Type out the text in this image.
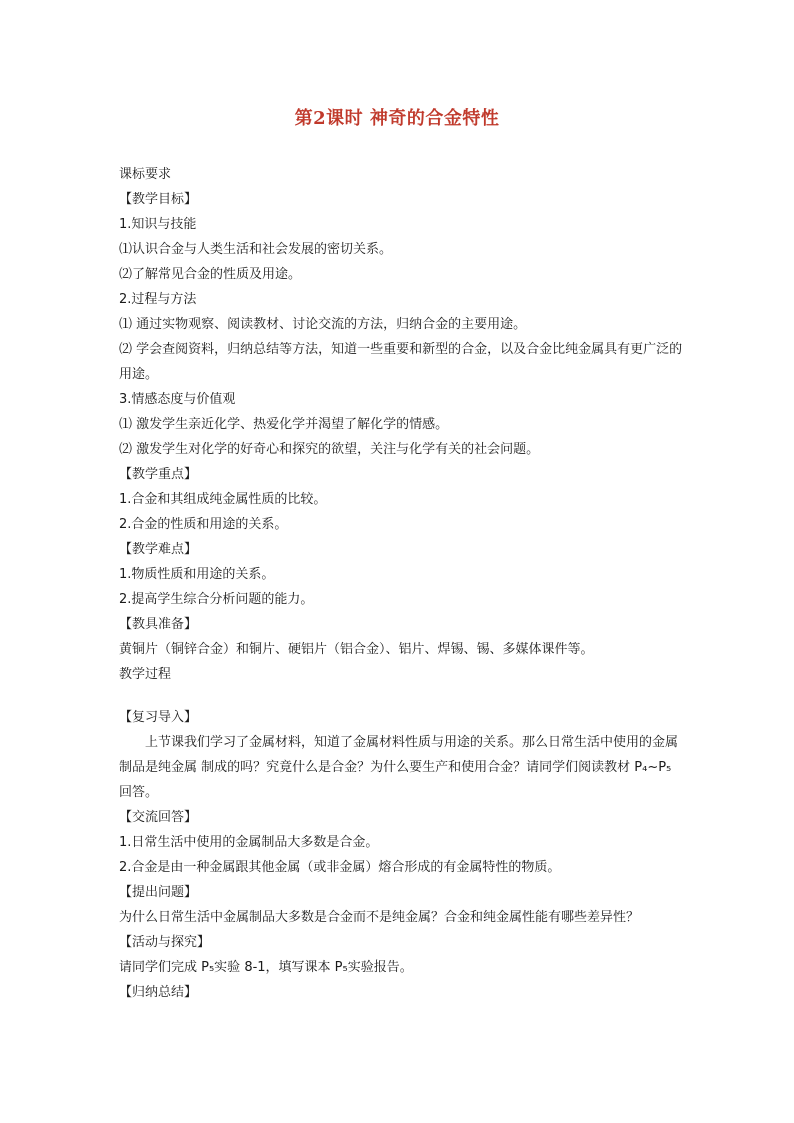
第2课时 神奇的合金特性
课标要求
【教学目标】
1.知识与技能
⑴认识合金与人类生活和社会发展的密切关系。
⑵了解常见合金的性质及用途。
2.过程与方法
⑴ 通过实物观察、阅读教材、讨论交流的方法，归纳合金的主要用途。
⑵ 学会查阅资料，归纳总结等方法，知道一些重要和新型的合金，以及合金比纯金属具有更广泛的用途。
3.情感态度与价值观
⑴ 激发学生亲近化学、热爱化学并渴望了解化学的情感。
⑵ 激发学生对化学的好奇心和探究的欲望，关注与化学有关的社会问题。
【教学重点】
1.合金和其组成纯金属性质的比较。
2.合金的性质和用途的关系。
【教学难点】
1.物质性质和用途的关系。
2.提高学生综合分析问题的能力。
【教具准备】
黄铜片（铜锌合金）和铜片、硬铝片（铝合金）、铝片、焊锡、锡、多媒体课件等。
教学过程
【复习导入】
上节课我们学习了金属材料，知道了金属材料性质与用途的关系。那么日常生活中使用的金属制品是纯金属 制成的吗？究竟什么是合金？为什么要生产和使用合金？请同学们阅读教材 P₄~P₅回答。
【交流回答】
1.日常生活中使用的金属制品大多数是合金。
2.合金是由一种金属跟其他金属（或非金属）熔合形成的有金属特性的物质。
【提出问题】
为什么日常生活中金属制品大多数是合金而不是纯金属？合金和纯金属性能有哪些差异性？
【活动与探究】
请同学们完成 P₅实验 8-1，填写课本 P₅实验报告。
【归纳总结】
